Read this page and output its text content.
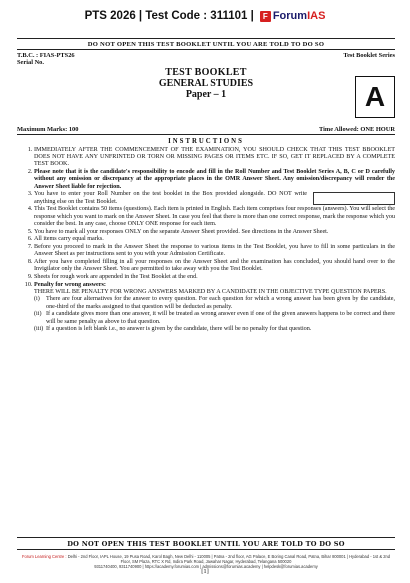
PTS 2026 | Test Code : 311101 |	F ForumIAS
DO NOT OPEN THIS TEST BOOKLET UNTIL YOU ARE TOLD TO DO SO
T.B.C. : FIAS-PTS26	Test Booklet Series
Serial No.
TEST BOOKLET
GENERAL STUDIES
Paper – 1	A
Maximum Marks: 100	Time Allowed: ONE HOUR
INSTRUCTIONS
1. IMMEDIATELY AFTER THE COMMENCEMENT OF THE EXAMINATION, YOU SHOULD CHECK THAT THIS TEST BBOOKLET DOES NOT HAVE ANY UNFRINTED OR TORN OR MISSING PAGES OR ITEMS ETC. IF SO, GET IT REPLACED BY A COMPLETE TEST BOOK.
2. Please note that it is the candidate's responsibility to encode and fill in the Roll Number and Test Booklet Series A, B, C or D carefully without any omission or discrepancy at the appropriate places in the OMR Answer Sheet. Any omission/discrepancy will render the Answer Sheet liable for rejection.
3. You have to enter your Roll Number on the test booklet in the Box provided alongside. DO NOT write anything else on the Test Booklet.
4. This Test Booklet contains 50 items (questions). Each item is printed in English. Each item comprises four responses (answers). You will select the response which you want to mark on the Answer Sheet. In case you feel that there is more than one correct response, mark the response which you consider the best. In any case, choose ONLY ONE response for each item.
5. You have to mark all your responses ONLY on the separate Answer Sheet provided. See directions in the Answer Sheet.
6. All items carry equal marks.
7. Before you proceed to mark in the Answer Sheet the response to various items in the Test Booklet, you have to fill in some particulars in the Answer Sheet as per instructions sent to you with your Admission Certificate.
8. After you have completed filling in all your responses on the Answer Sheet and the examination has concluded, you should hand over to the Invigilator only the Answer Sheet. You are permitted to take away with you the Test Booklet.
9. Sheets for rough work are appended in the Test Booklet at the end.
10. Penalty for wrong answers:
THERE WILL BE PENALTY FOR WRONG ANSWERS MARKED BY A CANDIDATE IN THE OBJECTIVE TYPE QUESTION PAPERS.
(i) There are four alternatives for the answer to every question. For each question for which a wrong answer has been given by the candidate, one-third of the marks assigned to that question will be deducted as penalty.
(ii) If a candidate gives more than one answer, it will be treated as wrong answer even if one of the given answers happens to be correct and there will be same penalty as above to that question.
(iii) If a question is left blank i.e., no answer is given by the candidate, there will be no penalty for that question.
DO NOT OPEN THIS TEST BOOKLET UNTIL YOU ARE TOLD TO DO SO
Forum Learning Centre : Delhi - 2nd Floor, IAPL House, 19 Pusa Road, Karol Bagh, New Delhi - 110005 | Patna - 2nd floor, AG Palace, E Boring Canal Road, Patna, Bihar 800001 | Hyderabad - 1st & 2nd Floor, SM Plaza, RTC X Rd, Indira Park Road, Jawahar Nagar, Hyderabad, Telangana 500020
9311740400, 9311740900 | https://academy.forumias.com | admissions@forumias.academy | helpdesk@forumias.academy
[1]
